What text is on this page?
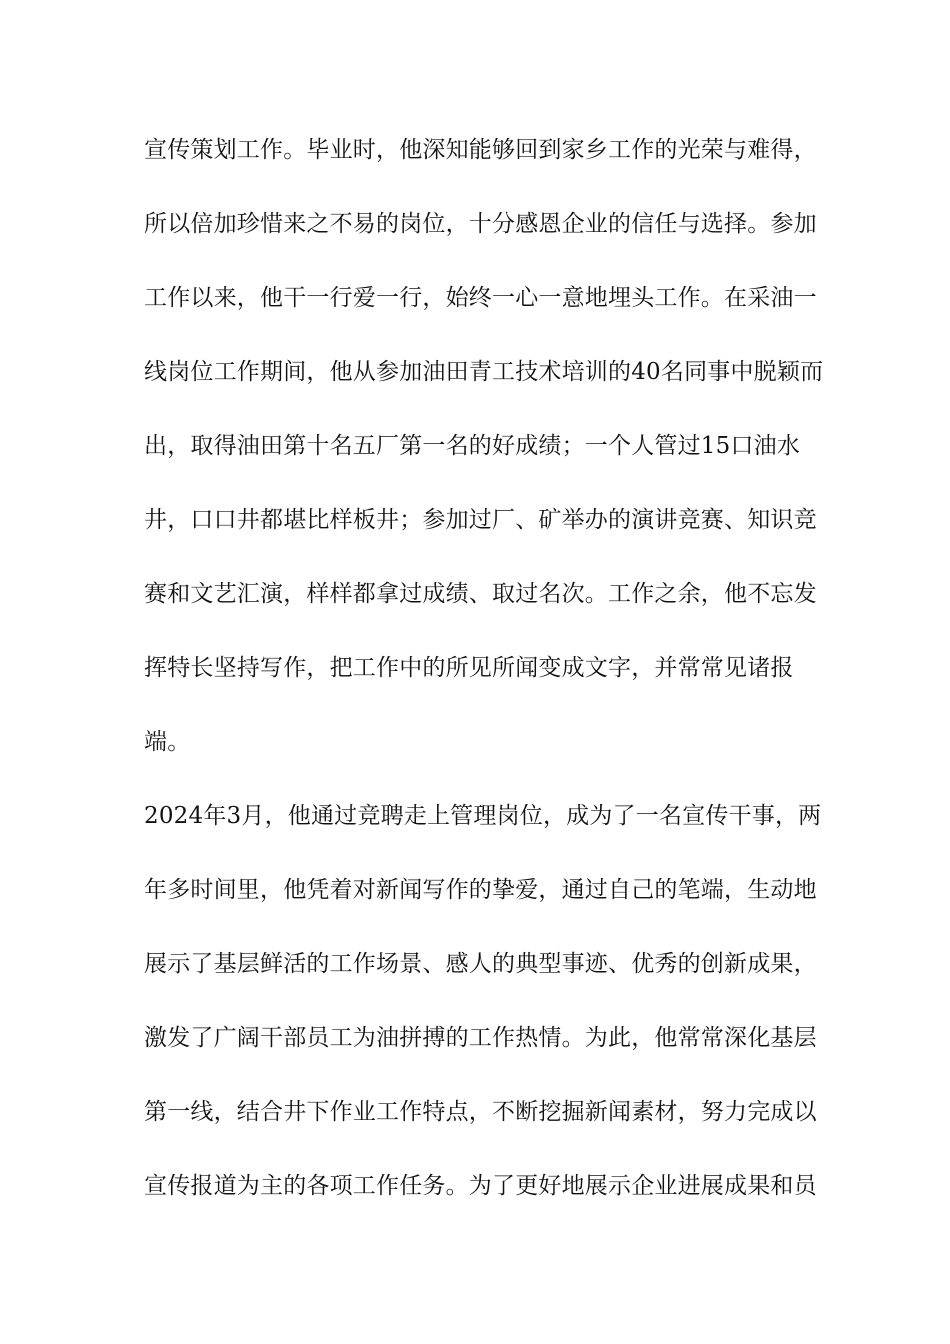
宣传策划工作。毕业时，他深知能够回到家乡工作的光荣与难得，
所以倍加珍惜来之不易的岗位，十分感恩企业的信任与选择。参加
工作以来，他干一行爱一行，始终一心一意地埋头工作。在采油一
线岗位工作期间，他从参加油田青工技术培训的40名同事中脱颖而
出，取得油田第十名五厂第一名的好成绩；一个人管过15口油水
井，口口井都堪比样板井；参加过厂、矿举办的演讲竞赛、知识竞
赛和文艺汇演，样样都拿过成绩、取过名次。工作之余，他不忘发
挥特长坚持写作，把工作中的所见所闻变成文字，并常常见诸报
端。
2024年3月，他通过竞聘走上管理岗位，成为了一名宣传干事，两
年多时间里，他凭着对新闻写作的挚爱，通过自己的笔端，生动地
展示了基层鲜活的工作场景、感人的典型事迹、优秀的创新成果，
激发了广阔干部员工为油拼搏的工作热情。为此，他常常深化基层
第一线，结合井下作业工作特点，不断挖掘新闻素材，努力完成以
宣传报道为主的各项工作任务。为了更好地展示企业进展成果和员
